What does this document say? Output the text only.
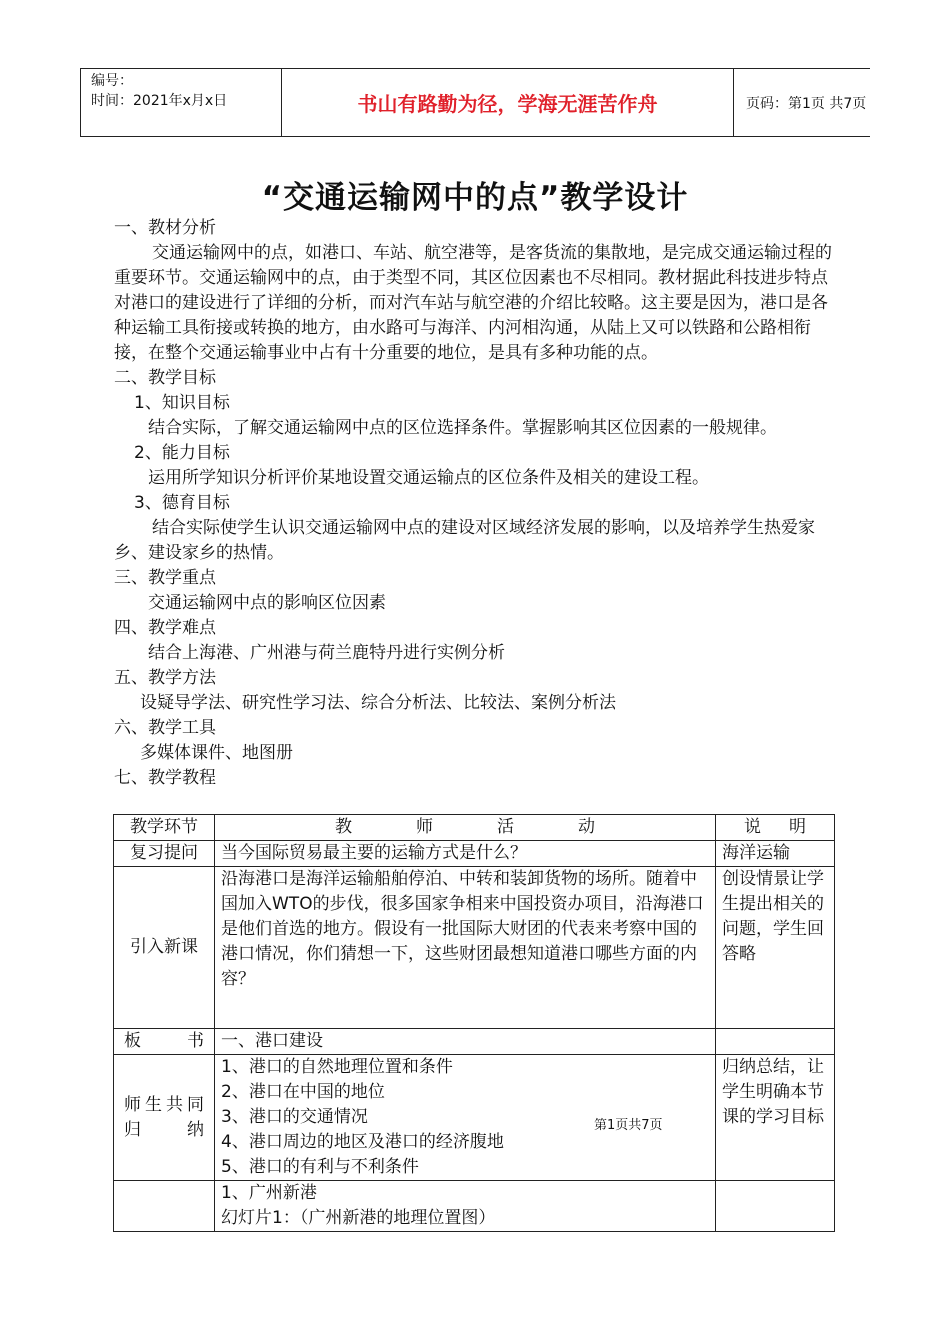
编号：
时间：2021年x月x日	书山有路勤为径，学海无涯苦作舟	页码：第1页 共7页
“交通运输网中的点”教学设计

一、教材分析

交通运输网中的点，如港口、车站、航空港等，是客货流的集散地，是完成交通运输过程的重要环节。交通运输网中的点，由于类型不同，其区位因素也不尽相同。教材据此科技进步特点对港口的建设进行了详细的分析，而对汽车站与航空港的介绍比较略。这主要是因为，港口是各种运输工具衔接或转换的地方，由水路可与海洋、内河相沟通，从陆上又可以铁路和公路相衔接，在整个交通运输事业中占有十分重要的地位，是具有多种功能的点。

二、教学目标

1、知识目标

结合实际，了解交通运输网中点的区位选择条件。掌握影响其区位因素的一般规律。

2、能力目标

运用所学知识分析评价某地设置交通运输点的区位条件及相关的建设工程。

3、德育目标

结合实际使学生认识交通运输网中点的建设对区域经济发展的影响，以及培养学生热爱家乡、建设家乡的热情。

三、教学重点

交通运输网中点的影响区位因素

四、教学难点

结合上海港、广州港与荷兰鹿特丹进行实例分析

五、教学方法

设疑导学法、研究性学习法、综合分析法、比较法、案例分析法

六、教学工具

多媒体课件、地图册

七、教学教程

教学环节	教师活动	说明

复习提问	当今国际贸易最主要的运输方式是什么？	海洋运输
引入新课	沿海港口是海洋运输船舶停泊、中转和装卸货物的场所。随着中国加入WTO的步伐，很多国家争相来中国投资办项目，沿海港口是他们首选的地方。假设有一批国际大财团的代表来考察中国的港口情况，你们猜想一下，这些财团最想知道港口哪些方面的内容？	创设情景让学生提出相关的问题，学生回答略

板书	一、港口建设	
师生共同归纳	1、港口的自然地理位置和条件
2、港口在中国的地位
3、港口的交通情况
4、港口周边的地区及港口的经济腹地
5、港口的有利与不利条件	归纳总结，让学生明确本节课的学习目标

	1、广州新港
幻灯片1：（广州新港的地理位置图）	

第1页共7页
